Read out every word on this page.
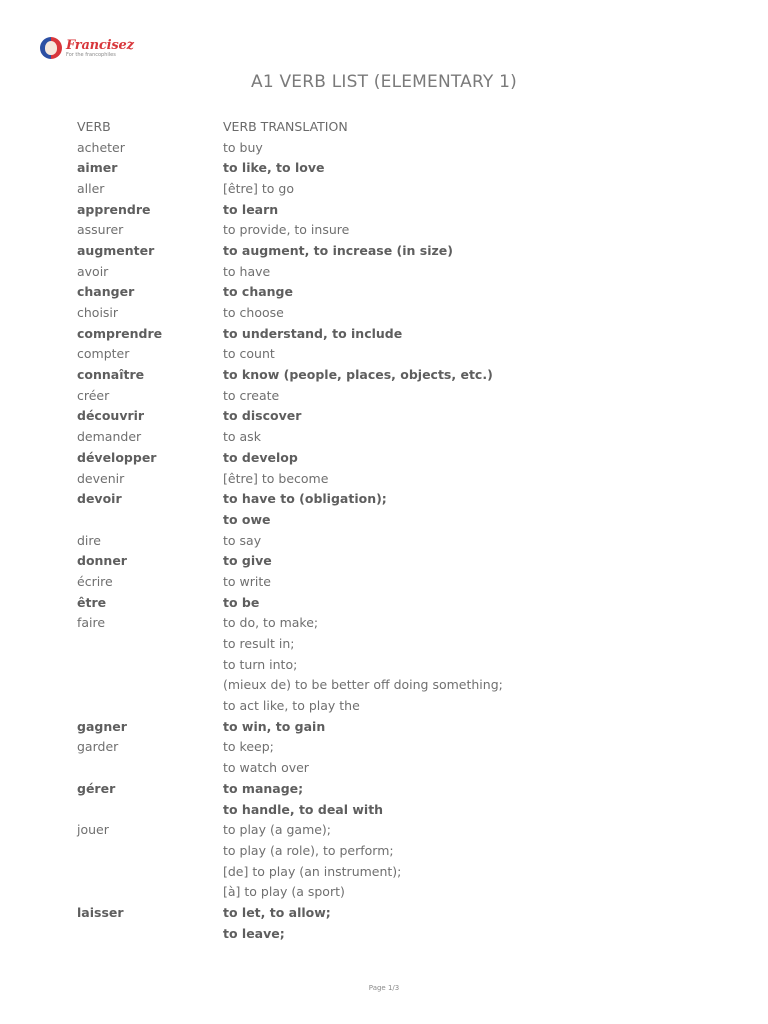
Francisez
For the francophiles
A1 VERB LIST (ELEMENTARY 1)
VERB	VERB TRANSLATION
acheter	to buy
aimer	to like, to love
aller	[être] to go
apprendre	to learn
assurer	to provide, to insure
augmenter	to augment, to increase (in size)
avoir	to have
changer	to change
choisir	to choose
comprendre	to understand, to include
compter	to count
connaître	to know (people, places, objects, etc.)
créer	to create
découvrir	to discover
demander	to ask
développer	to develop
devenir	[être] to become
devoir	to have to (obligation);
to owe
dire	to say
donner	to give
écrire	to write
être	to be
faire	to do, to make;
to result in;
to turn into;
(mieux de) to be better off doing something;
to act like, to play the
gagner	to win, to gain
garder	to keep;
to watch over
gérer	to manage;
to handle, to deal with
jouer	to play (a game);
to play (a role), to perform;
[de] to play (an instrument);
[à] to play (a sport)
laisser	to let, to allow;
to leave;
Page 1/3
